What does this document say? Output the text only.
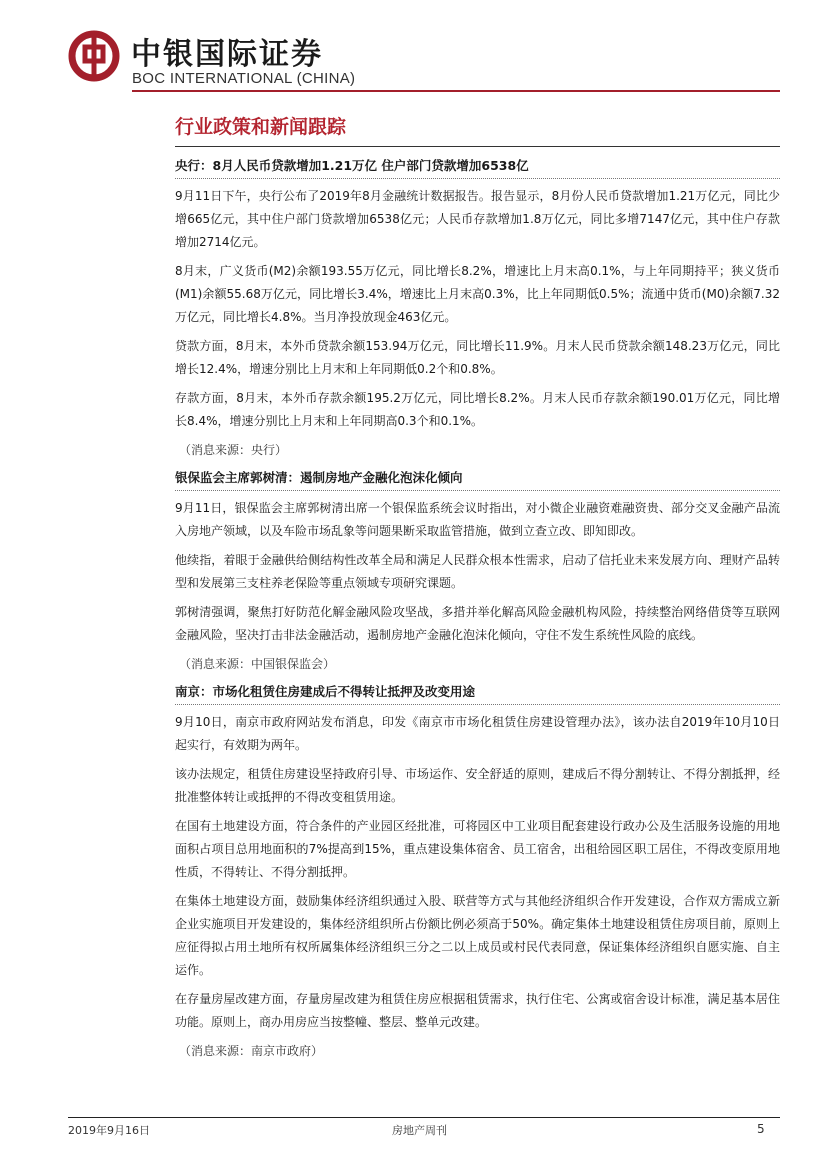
中银国际证券
BOC INTERNATIONAL (CHINA)
行业政策和新闻跟踪
央行：8月人民币贷款增加1.21万亿 住户部门贷款增加6538亿

9月11日下午，央行公布了2019年8月金融统计数据报告。报告显示，8月份人民币贷款增加1.21万亿元，同比少增665亿元，其中住户部门贷款增加6538亿元；人民币存款增加1.8万亿元，同比多增7147亿元，其中住户存款增加2714亿元。

8月末，广义货币(M2)余额193.55万亿元，同比增长8.2%，增速比上月末高0.1%，与上年同期持平；狭义货币(M1)余额55.68万亿元，同比增长3.4%，增速比上月末高0.3%，比上年同期低0.5%；流通中货币(M0)余额7.32万亿元，同比增长4.8%。当月净投放现金463亿元。

贷款方面，8月末，本外币贷款余额153.94万亿元，同比增长11.9%。月末人民币贷款余额148.23万亿元，同比增长12.4%，增速分别比上月末和上年同期低0.2个和0.8%。

存款方面，8月末，本外币存款余额195.2万亿元，同比增长8.2%。月末人民币存款余额190.01万亿元，同比增长8.4%，增速分别比上月末和上年同期高0.3个和0.1%。

（消息来源：央行）

银保监会主席郭树清：遏制房地产金融化泡沫化倾向

9月11日，银保监会主席郭树清出席一个银保监系统会议时指出，对小微企业融资难融资贵、部分交叉金融产品流入房地产领域，以及车险市场乱象等问题果断采取监管措施，做到立查立改、即知即改。

他续指，着眼于金融供给侧结构性改革全局和满足人民群众根本性需求，启动了信托业未来发展方向、理财产品转型和发展第三支柱养老保险等重点领域专项研究课题。

郭树清强调，聚焦打好防范化解金融风险攻坚战，多措并举化解高风险金融机构风险，持续整治网络借贷等互联网金融风险，坚决打击非法金融活动，遏制房地产金融化泡沫化倾向，守住不发生系统性风险的底线。

（消息来源：中国银保监会）

南京：市场化租赁住房建成后不得转让抵押及改变用途

9月10日，南京市政府网站发布消息，印发《南京市市场化租赁住房建设管理办法》，该办法自2019年10月10日起实行，有效期为两年。

该办法规定，租赁住房建设坚持政府引导、市场运作、安全舒适的原则，建成后不得分割转让、不得分割抵押，经批准整体转让或抵押的不得改变租赁用途。

在国有土地建设方面，符合条件的产业园区经批准，可将园区中工业项目配套建设行政办公及生活服务设施的用地面积占项目总用地面积的7%提高到15%，重点建设集体宿舍、员工宿舍，出租给园区职工居住，不得改变原用地性质，不得转让、不得分割抵押。

在集体土地建设方面，鼓励集体经济组织通过入股、联营等方式与其他经济组织合作开发建设，合作双方需成立新企业实施项目开发建设的，集体经济组织所占份额比例必须高于50%。确定集体土地建设租赁住房项目前，原则上应征得拟占用土地所有权所属集体经济组织三分之二以上成员或村民代表同意，保证集体经济组织自愿实施、自主运作。

在存量房屋改建方面，存量房屋改建为租赁住房应根据租赁需求，执行住宅、公寓或宿舍设计标准，满足基本居住功能。原则上，商办用房应当按整幢、整层、整单元改建。

（消息来源：南京市政府）

2019年9月16日	房地产周刊	5
